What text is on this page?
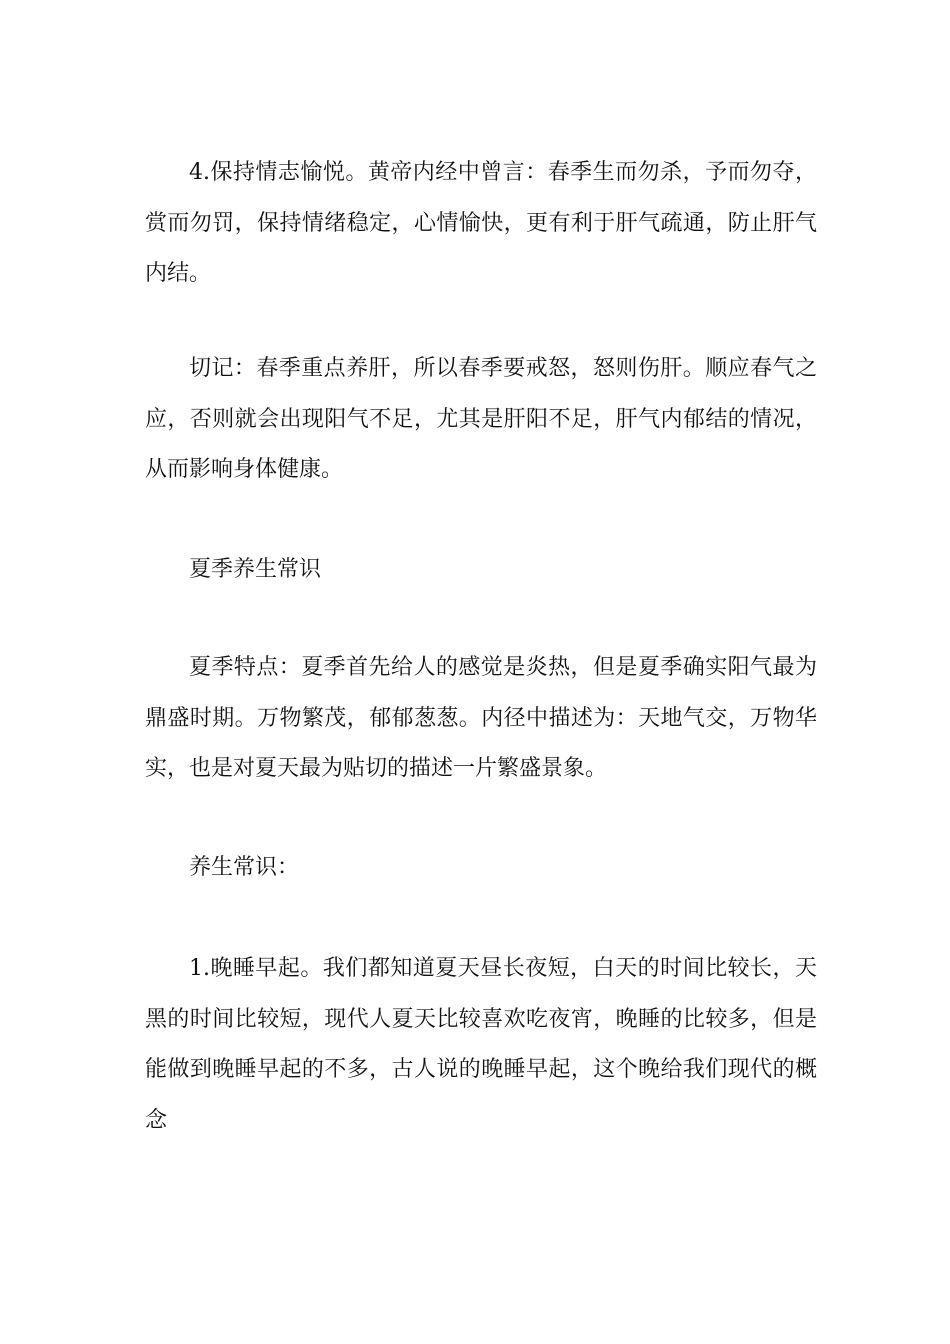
4.保持情志愉悦。黄帝内经中曾言：春季生而勿杀，予而勿夺，赏而勿罚，保持情绪稳定，心情愉快，更有利于肝气疏通，防止肝气内结。

切记：春季重点养肝，所以春季要戒怒，怒则伤肝。顺应春气之应，否则就会出现阳气不足，尤其是肝阳不足，肝气内郁结的情况，从而影响身体健康。

夏季养生常识

夏季特点：夏季首先给人的感觉是炎热，但是夏季确实阳气最为鼎盛时期。万物繁茂，郁郁葱葱。内径中描述为：天地气交，万物华实，也是对夏天最为贴切的描述一片繁盛景象。

养生常识：

1.晚睡早起。我们都知道夏天昼长夜短，白天的时间比较长，天黑的时间比较短，现代人夏天比较喜欢吃夜宵，晚睡的比较多，但是能做到晚睡早起的不多，古人说的晚睡早起，这个晚给我们现代的概念
